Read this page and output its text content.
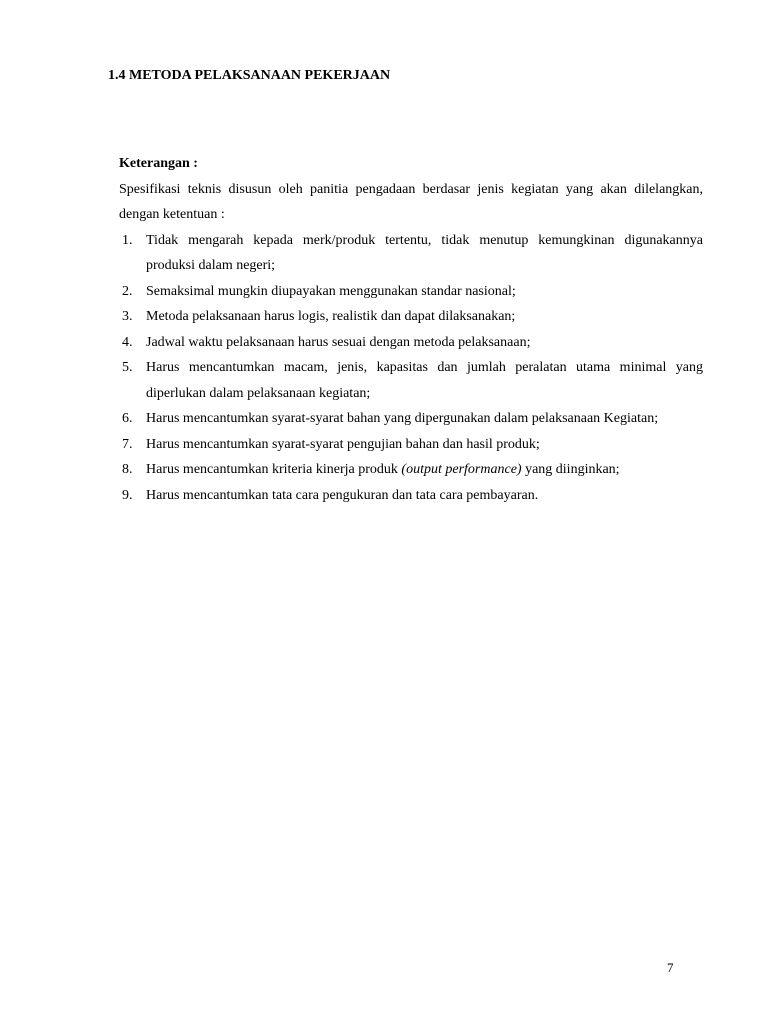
1.4 METODA PELAKSANAAN PEKERJAAN

Keterangan :

Spesifikasi teknis disusun oleh panitia pengadaan berdasar jenis kegiatan yang akan dilelangkan, dengan ketentuan :

1. Tidak mengarah kepada merk/produk tertentu, tidak menutup kemungkinan digunakannya produksi dalam negeri;
2. Semaksimal mungkin diupayakan menggunakan standar nasional;
3. Metoda pelaksanaan harus logis, realistik dan dapat dilaksanakan;
4. Jadwal waktu pelaksanaan harus sesuai dengan metoda pelaksanaan;
5. Harus mencantumkan macam, jenis, kapasitas dan jumlah peralatan utama minimal yang diperlukan dalam pelaksanaan kegiatan;
6. Harus mencantumkan syarat-syarat bahan yang dipergunakan dalam pelaksanaan Kegiatan;
7. Harus mencantumkan syarat-syarat pengujian bahan dan hasil produk;
8. Harus mencantumkan kriteria kinerja produk (output performance) yang diinginkan;
9. Harus mencantumkan tata cara pengukuran dan tata cara pembayaran.
7
